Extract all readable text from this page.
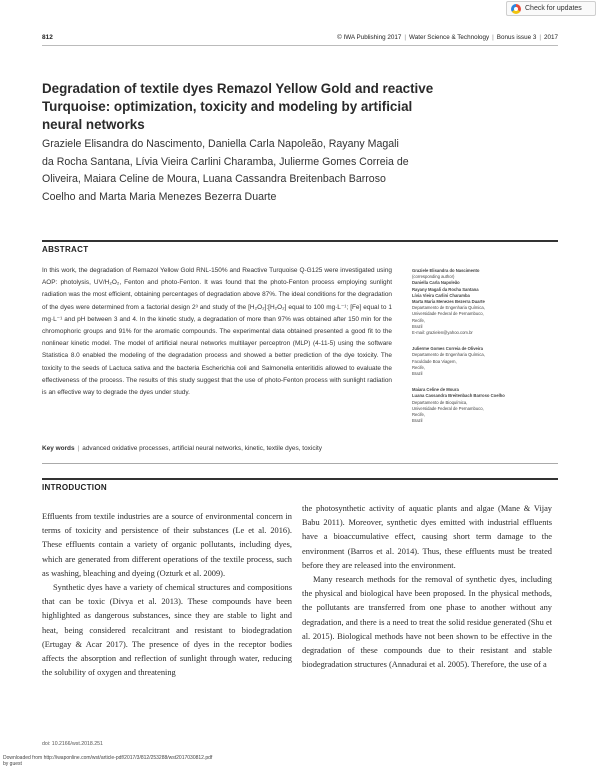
812	© IWA Publishing 2017 | Water Science & Technology | Bonus issue 3 | 2017
Check for updates
Degradation of textile dyes Remazol Yellow Gold and reactive Turquoise: optimization, toxicity and modeling by artificial neural networks
Graziele Elisandra do Nascimento, Daniella Carla Napoleão, Rayany Magali da Rocha Santana, Lívia Vieira Carlini Charamba, Julierme Gomes Correia de Oliveira, Maiara Celine de Moura, Luana Cassandra Breitenbach Barroso Coelho and Marta Maria Menezes Bezerra Duarte
ABSTRACT
In this work, the degradation of Remazol Yellow Gold RNL-150% and Reactive Turquoise Q-G125 were investigated using AOP: photolysis, UV/H₂O₂, Fenton and photo-Fenton. It was found that the photo-Fenton process employing sunlight radiation was the most efficient, obtaining percentages of degradation above 87%. The ideal conditions for the degradation of the dyes were determined from a factorial design 2³ and study of the [H₂O₂]:[H₂O₂] equal to 100 mg·L⁻¹; [Fe] equal to 1 mg·L⁻¹ and pH between 3 and 4. In the kinetic study, a degradation of more than 97% was obtained after 150 min for the chromophoric groups and 91% for the aromatic compounds. The experimental data obtained presented a good fit to the nonlinear kinetic model. The model of artificial neural networks multilayer perceptron (MLP) (4-11-5) using the software Statistica 8.0 enabled the modeling of the degradation process and showed a better prediction of the dye toxicity. The toxicity to the seeds of Lactuca sativa and the bacteria Escherichia coli and Salmonella enteritidis allowed to evaluate the effectiveness of the process. The results of this study suggest that the use of photo-Fenton process with sunlight radiation is an effective way to degrade the dyes under study.
Key words | advanced oxidative processes, artificial neural networks, kinetic, textile dyes, toxicity
Graziele Elisandra do Nascimento
(corresponding author)
Daniella Carla Napoleão
Rayany Magali da Rocha Santana
Lívia Vieira Carlini Charamba
Marta Maria Menezes Bezerra Duarte
Departamento de Engenharia Química,
Universidade Federal de Pernambuco,
Recife,
Brazil
E-mail: grazielen@yahoo.com.br
Julierme Gomes Correia de Oliveira
Departamento de Engenharia Química,
Faculdade Boa Viagem,
Recife,
Brazil
Maiara Celine de Moura
Luana Cassandra Breitenbach Barroso Coelho
Departamento de Bioquímica,
Universidade Federal de Pernambuco,
Recife,
Brazil
INTRODUCTION

Effluents from textile industries are a source of environmental concern in terms of toxicity and persistence of their substances (Le et al. 2016). These effluents contain a variety of organic pollutants, including dyes, which are generated from different operations of the textile process, such as washing, bleaching and dyeing (Ozturk et al. 2009).

Synthetic dyes have a variety of chemical structures and compositions that can be toxic (Divya et al. 2013). These compounds have been highlighted as dangerous substances, since they are stable to light and heat, being considered recalcitrant and resistant to biodegradation (Ertugay & Acar 2017). The presence of dyes in the receptor bodies affects the absorption and reflection of sunlight through water, reducing the solubility of oxygen and threatening

the photosynthetic activity of aquatic plants and algae (Mane & Vijay Babu 2011). Moreover, synthetic dyes emitted with industrial effluents have a bioaccumulative effect, causing short term damage to the environment (Barros et al. 2014). Thus, these effluents must be treated before they are released into the environment.

Many research methods for the removal of synthetic dyes, including the physical and biological have been proposed. In the physical methods, the pollutants are transferred from one phase to another without any degradation, and there is a need to treat the solid residue generated (Shu et al. 2015). Biological methods have not been shown to be effective in the degradation of these compounds due to their resistant and stable biodegradation structures (Annadurai et al. 2005). Therefore, the use of a

doi: 10.2166/wst.2018.251
Downloaded from http://iwaponline.com/wst/article-pdf/2017/3/812/253288/wst2017030812.pdf
by guest
